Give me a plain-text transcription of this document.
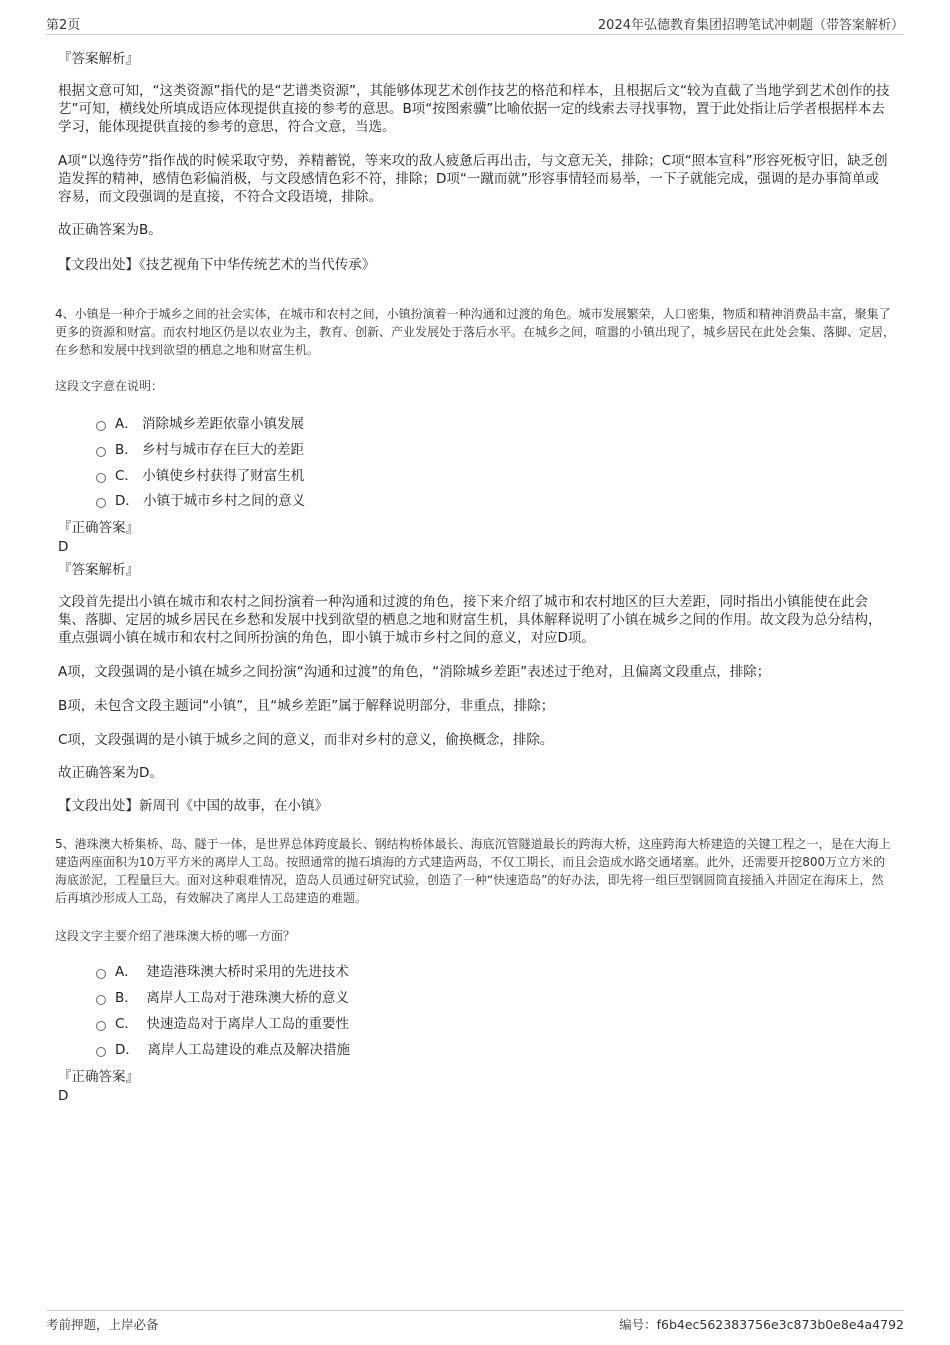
第2页	2024年弘德教育集团招聘笔试冲刺题（带答案解析）
『答案解析』

根据文意可知，“这类资源”指代的是“艺谱类资源”，其能够体现艺术创作技艺的格范和样本，且根据后文“较为直截了当地学到艺术创作的技艺”可知，横线处所填成语应体现提供直接的参考的意思。B项“按图索骥”比喻依据一定的线索去寻找事物，置于此处指让后学者根据样本去学习，能体现提供直接的参考的意思，符合文意，当选。

A项“以逸待劳”指作战的时候采取守势，养精蓄锐，等来攻的敌人疲惫后再出击，与文意无关，排除；C项“照本宣科”形容死板守旧，缺乏创造发挥的精神，感情色彩偏消极，与文段感情色彩不符，排除；D项“一蹴而就”形容事情轻而易举，一下子就能完成，强调的是办事简单或容易，而文段强调的是直接，不符合文段语境，排除。

故正确答案为B。
【文段出处】《技艺视角下中华传统艺术的当代传承》

4、小镇是一种介于城乡之间的社会实体，在城市和农村之间，小镇扮演着一种沟通和过渡的角色。城市发展繁荣，人口密集，物质和精神消费品丰富，聚集了更多的资源和财富。而农村地区仍是以农业为主，教育、创新、产业发展处于落后水平。在城乡之间，喧嚣的小镇出现了，城乡居民在此处会集、落脚、定居，在乡愁和发展中找到欲望的栖息之地和财富生机。

这段文字意在说明：
A． 消除城乡差距依靠小镇发展
B． 乡村与城市存在巨大的差距
C． 小镇使乡村获得了财富生机
D． 小镇于城市乡村之间的意义
『正确答案』
D
『答案解析』

文段首先提出小镇在城市和农村之间扮演着一种沟通和过渡的角色，接下来介绍了城市和农村地区的巨大差距，同时指出小镇能使在此会集、落脚、定居的城乡居民在乡愁和发展中找到欲望的栖息之地和财富生机，具体解释说明了小镇在城乡之间的作用。故文段为总分结构，重点强调小镇在城市和农村之间所扮演的角色，即小镇于城市乡村之间的意义，对应D项。

A项，文段强调的是小镇在城乡之间扮演“沟通和过渡”的角色，“消除城乡差距”表述过于绝对，且偏离文段重点，排除；

B项，未包含文段主题词“小镇”，且“城乡差距”属于解释说明部分，非重点，排除；

C项，文段强调的是小镇于城乡之间的意义，而非对乡村的意义，偷换概念，排除。

故正确答案为D。
【文段出处】新周刊《中国的故事，在小镇》

5、港珠澳大桥集桥、岛、隧于一体，是世界总体跨度最长、钢结构桥体最长、海底沉管隧道最长的跨海大桥，这座跨海大桥建造的关键工程之一，是在大海上建造两座面积为10万平方米的离岸人工岛。按照通常的抛石填海的方式建造两岛，不仅工期长，而且会造成水路交通堵塞。此外，还需要开挖800万立方米的海底淤泥，工程量巨大。面对这种艰难情况，造岛人员通过研究试验，创造了一种“快速造岛”的好办法，即先将一组巨型钢圆筒直接插入并固定在海床上，然后再填沙形成人工岛，有效解决了离岸人工岛建造的难题。

这段文字主要介绍了港珠澳大桥的哪一方面？
A．  建造港珠澳大桥时采用的先进技术
B．  离岸人工岛对于港珠澳大桥的意义
C．  快速造岛对于离岸人工岛的重要性
D．  离岸人工岛建设的难点及解决措施
『正确答案』
D
考前押题，上岸必备	编号：f6b4ec562383756e3c873b0e8e4a4792
